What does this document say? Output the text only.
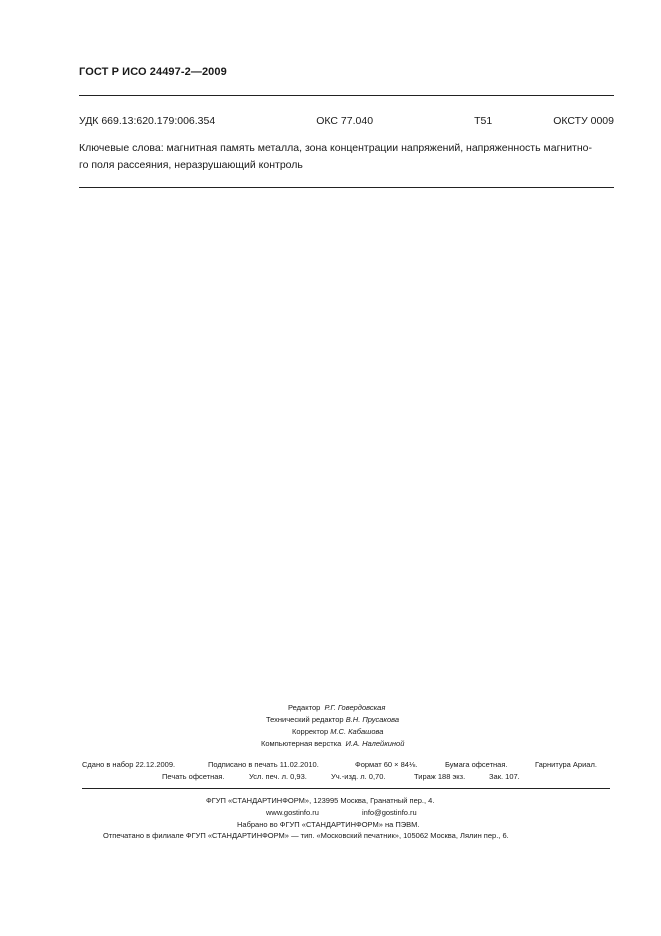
ГОСТ Р ИСО 24497-2—2009
УДК 669.13:620.179:006.354	ОКС 77.040	Т51	ОКСТУ 0009
Ключевые слова: магнитная память металла, зона концентрации напряжений, напряженность магнитно-
го поля рассеяния, неразрушающий контроль
Редактор Р.Г. Говердовская
Технический редактор В.Н. Прусакова
Корректор М.С. Кабашова
Компьютерная верстка И.А. Налейкиной
Сдано в набор 22.12.2009.	Подписано в печать 11.02.2010.	Формат 60 × 84⅛.	Бумага офсетная.	Гарнитура Ариал.
Печать офсетная.	Усл. печ. л. 0,93.	Уч.-изд. л. 0,70.	Тираж 188 экз.	Зак. 107.
ФГУП «СТАНДАРТИНФОРМ», 123995 Москва, Гранатный пер., 4.
www.gostinfo.ru	info@gostinfo.ru
Набрано во ФГУП «СТАНДАРТИНФОРМ» на ПЭВМ.
Отпечатано в филиале ФГУП «СТАНДАРТИНФОРМ» — тип. «Московский печатник», 105062 Москва, Лялин пер., 6.
